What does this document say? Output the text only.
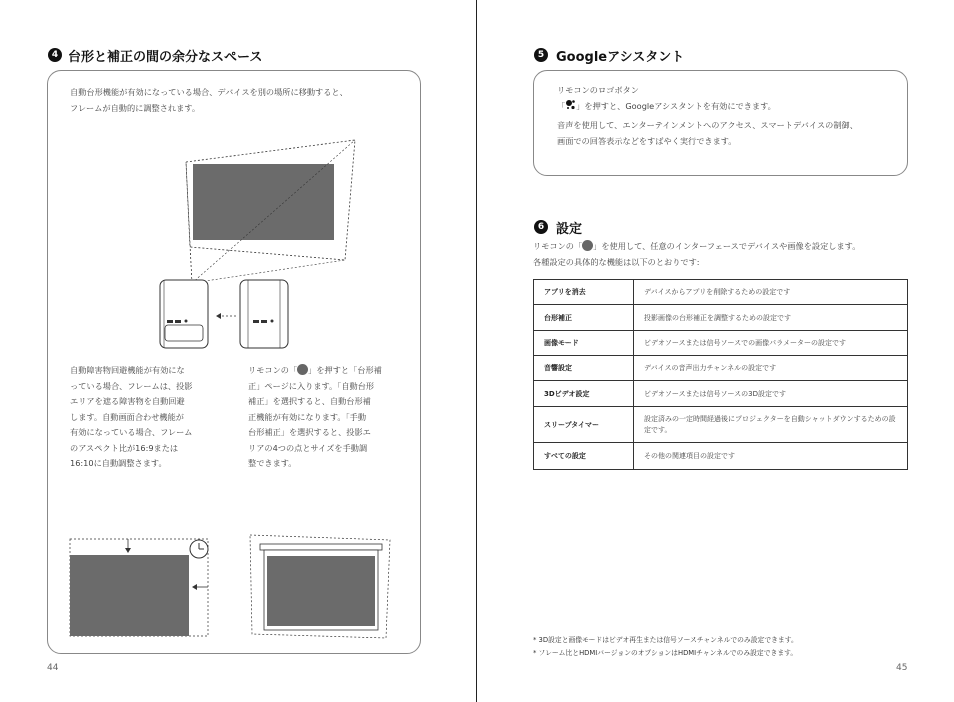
4 台形と補正の間の余分なスペース
自動台形機能が有効になっている場合、デバイスを別の場所に移動すると、
フレームが自動的に調整されます。
自動障害物回避機能が有効にな
っている場合、フレームは、投影
エリアを遮る障害物を自動回避
します。自動画面合わせ機能が
有効になっている場合、フレーム
のアスペクト比が16:9または
16:10に自動調整さます。
リモコンの「 」を押すと「台形補
正」ページに入ります。「自動台形
補正」を選択すると、自動台形補
正機能が有効になります。「手動
台形補正」を選択すると、投影エ
リアの4つの点とサイズを手動調
整できます。
44
5 Googleアシスタント
リモコンのロゴボタン
「 」を押すと、Googleアシスタントを有効にできます。
音声を使用して、エンターテインメントへのアクセス、スマートデバイスの制御、
画面での回答表示などをすばやく実行できます。
6 設定
リモコンの「 」を使用して、任意のインターフェースでデバイスや画像を設定します。
各種設定の具体的な機能は以下のとおりです:
アプリを消去	デバイスからアプリを削除するための設定です
台形補正	投影画像の台形補正を調整するための設定です
画像モード	ビデオソースまたは信号ソースでの画像パラメーターの設定です
音響設定	デバイスの音声出力チャンネルの設定です
3Dビデオ設定	ビデオソースまたは信号ソースの3D設定です
スリープタイマー	設定済みの一定時間経過後にプロジェクターを自動シャットダウンするための設定です。
すべての設定	その他の関連項目の設定です
* 3D設定と画像モードはビデオ再生または信号ソースチャンネルでのみ設定できます。
* フレーム比とHDMIバージョンのオプションはHDMIチャンネルでのみ設定できます。
45
